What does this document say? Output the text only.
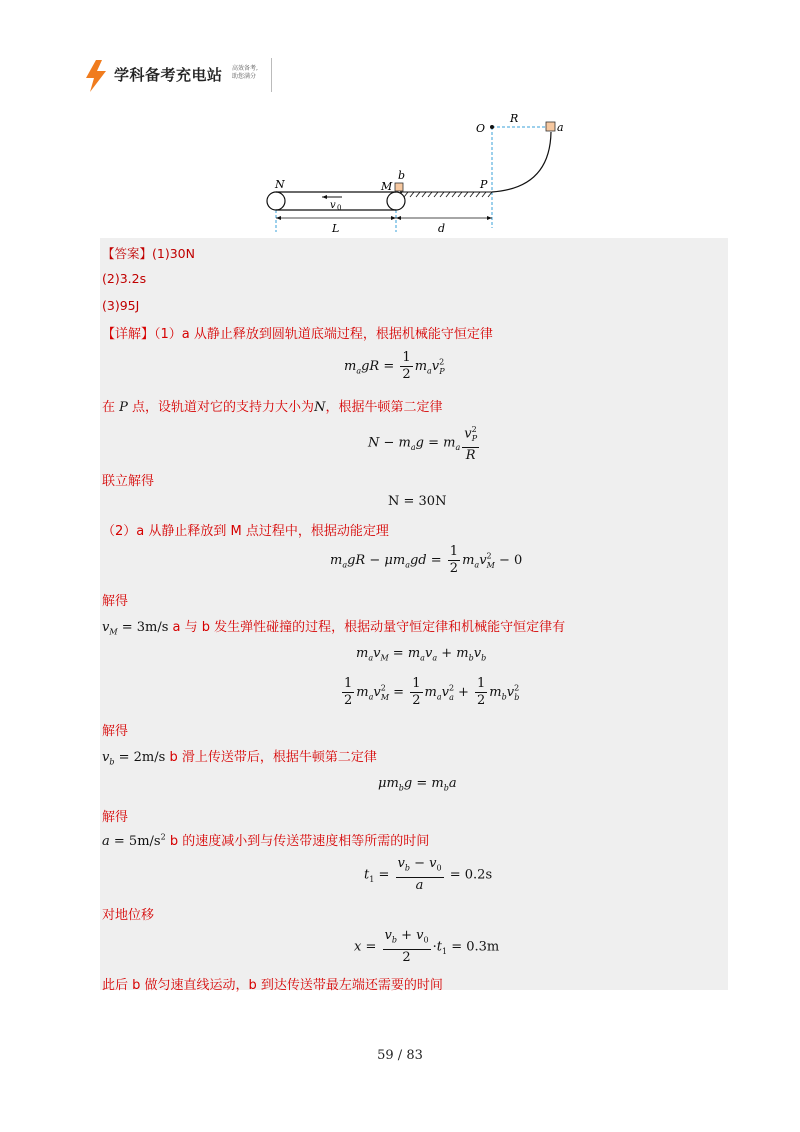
学科备考充电站 高效备考,
助您满分
O
R
a
P
N	M
b
v 0
L	d
【答案】(1)30N
(2)3.2s
(3)95J
【详解】（1）a 从静止释放到圆轨道底端过程，根据机械能守恒定律
$m_agR = \frac{1}{2} m_av^2_P$
在 P 点，设轨道对它的支持力大小为N，根据牛顿第二定律
$N - m_ag = m_a \frac{v^2_P}{R}$
联立解得
N = 30N
（2）a 从静止释放到 M 点过程中，根据动能定理
$m_agR - \mu m_agd = \frac{1}{2} m_av^2_M - 0$
解得
$v_M = 3m/s$ a 与 b 发生弹性碰撞的过程，根据动量守恒定律和机械能守恒定律有
$m_av_M = m_av_a + m_bv_b$
$\frac{1}{2} m_av^2_M = \frac{1}{2} m_av^2_a + \frac{1}{2} m_bv^2_b$
解得
$v_b = 2m/s$ b 滑上传送带后，根据牛顿第二定律
$\mu m_bg = m_ba$
解得
$a = 5m/s^2$ b 的速度减小到与传送带速度相等所需的时间
$t_1 = \frac{v_b - v_0}{a} = 0.2s$
对地位移
$x = \frac{v_b + v_0}{2} \cdot t_1 = 0.3m$
此后 b 做匀速直线运动，b 到达传送带最左端还需要的时间
59 / 83
